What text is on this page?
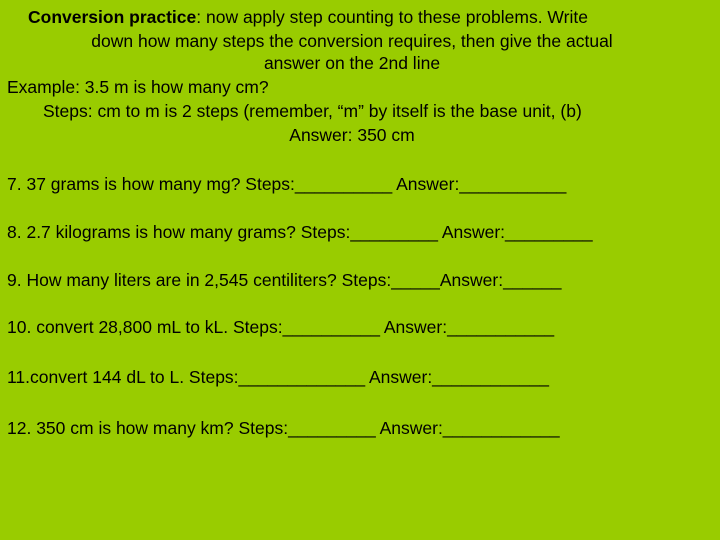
Conversion practice: now apply step counting to these problems. Write

down how many steps the conversion requires, then give the actual

answer on the 2nd line

Example: 3.5 m is how many cm?

Steps: cm to m is 2 steps (remember, “m” by itself is the base unit, (b)

Answer: 350 cm

7. 37 grams is how many mg? Steps:__________ Answer:___________

8. 2.7 kilograms is how many grams? Steps:_________ Answer:_________

9. How many liters are in 2,545 centiliters? Steps:_____Answer:______

10. convert 28,800 mL to kL. Steps:__________ Answer:___________

11.convert 144 dL to L. Steps:_____________ Answer:____________

12. 350 cm is how many km? Steps:_________ Answer:____________
